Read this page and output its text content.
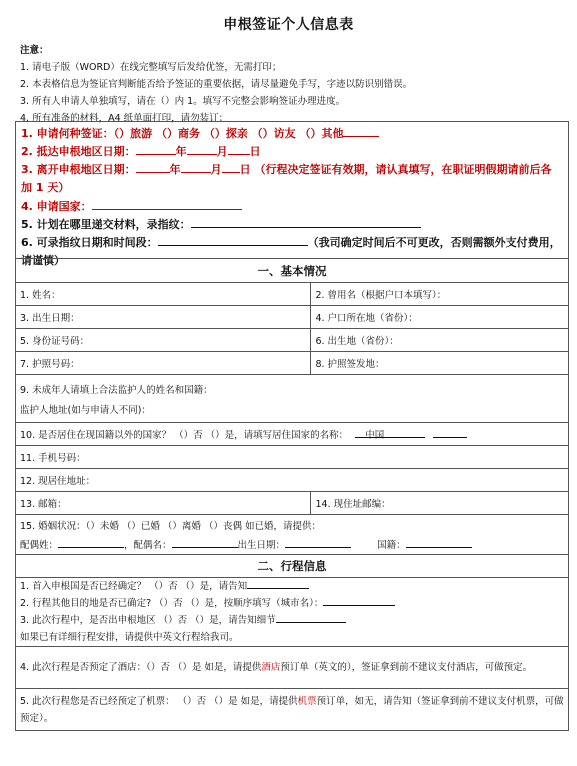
申根签证个人信息表
注意：
1. 请电子版（WORD）在线完整填写后发给优签，无需打印；
2. 本表格信息为签证官判断能否给予签证的重要依据，请尽量避免手写，字迹以防识别错误。
3. 所有人申请人单独填写，请在（）内 1。填写不完整会影响签证办理进度。
4. 所有准备的材料，A4 纸单面打印，请勿装订；
1. 申请何种签证：（）旅游 （）商务 （）探亲 （）访友 （）其他
2. 抵达申根地区日期：	年	月 日
3. 离开申根地区日期：	年	月 日 （行程决定签证有效期，请认真填写，在职证明假期请前后各加 1 天）
4. 申请国家：
5. 计划在哪里递交材料，录指纹：
6. 可录指纹日期和时间段：	（我司确定时间后不可更改，否则需额外支付费用，请谨慎）
一、基本情况	
1. 姓名：	2. 曾用名（根据户口本填写）：
3. 出生日期：	4. 户口所在地（省份）：
5. 身份证号码：	6. 出生地（省份）：
7. 护照号码：	8. 护照签发地：

9. 未成年人请填上合法监护人的姓名和国籍：
监护人地址(如与申请人不同)：	

10. 是否居住在现国籍以外的国家？ （）否 （）是，请填写居住国家的名称： 中国	
11. 手机号码：	
12. 现居住地址：	
13. 邮箱：	14. 现住址邮编：

15. 婚姻状况：（）未婚 （）已婚 （）离婚 （）丧偶 如已婚，请提供：
配偶姓： ，配偶名： 出生日期： 国籍：	

二、行程信息	

1. 首入申根国是否已经确定？ （）否 （）是，请告知
2. 行程其他目的地是否已确定? （）否 （）是，按顺序填写（城市名）：
3. 此次行程中，是否出申根地区 （）否 （）是，请告知细节
如果已有详细行程安排，请提供中英文行程给我司。	

4. 此次行程是否预定了酒店：（）否 （）是 如是，请提供酒店预订单（英文的），签证拿到前不建议支付酒店，可做预定。	
5. 此次行程您是否已经预定了机票： （）否 （）是 如是，请提供机票预订单，如无，请告知（签证拿到前不建议支付机票，可做预定）。	
